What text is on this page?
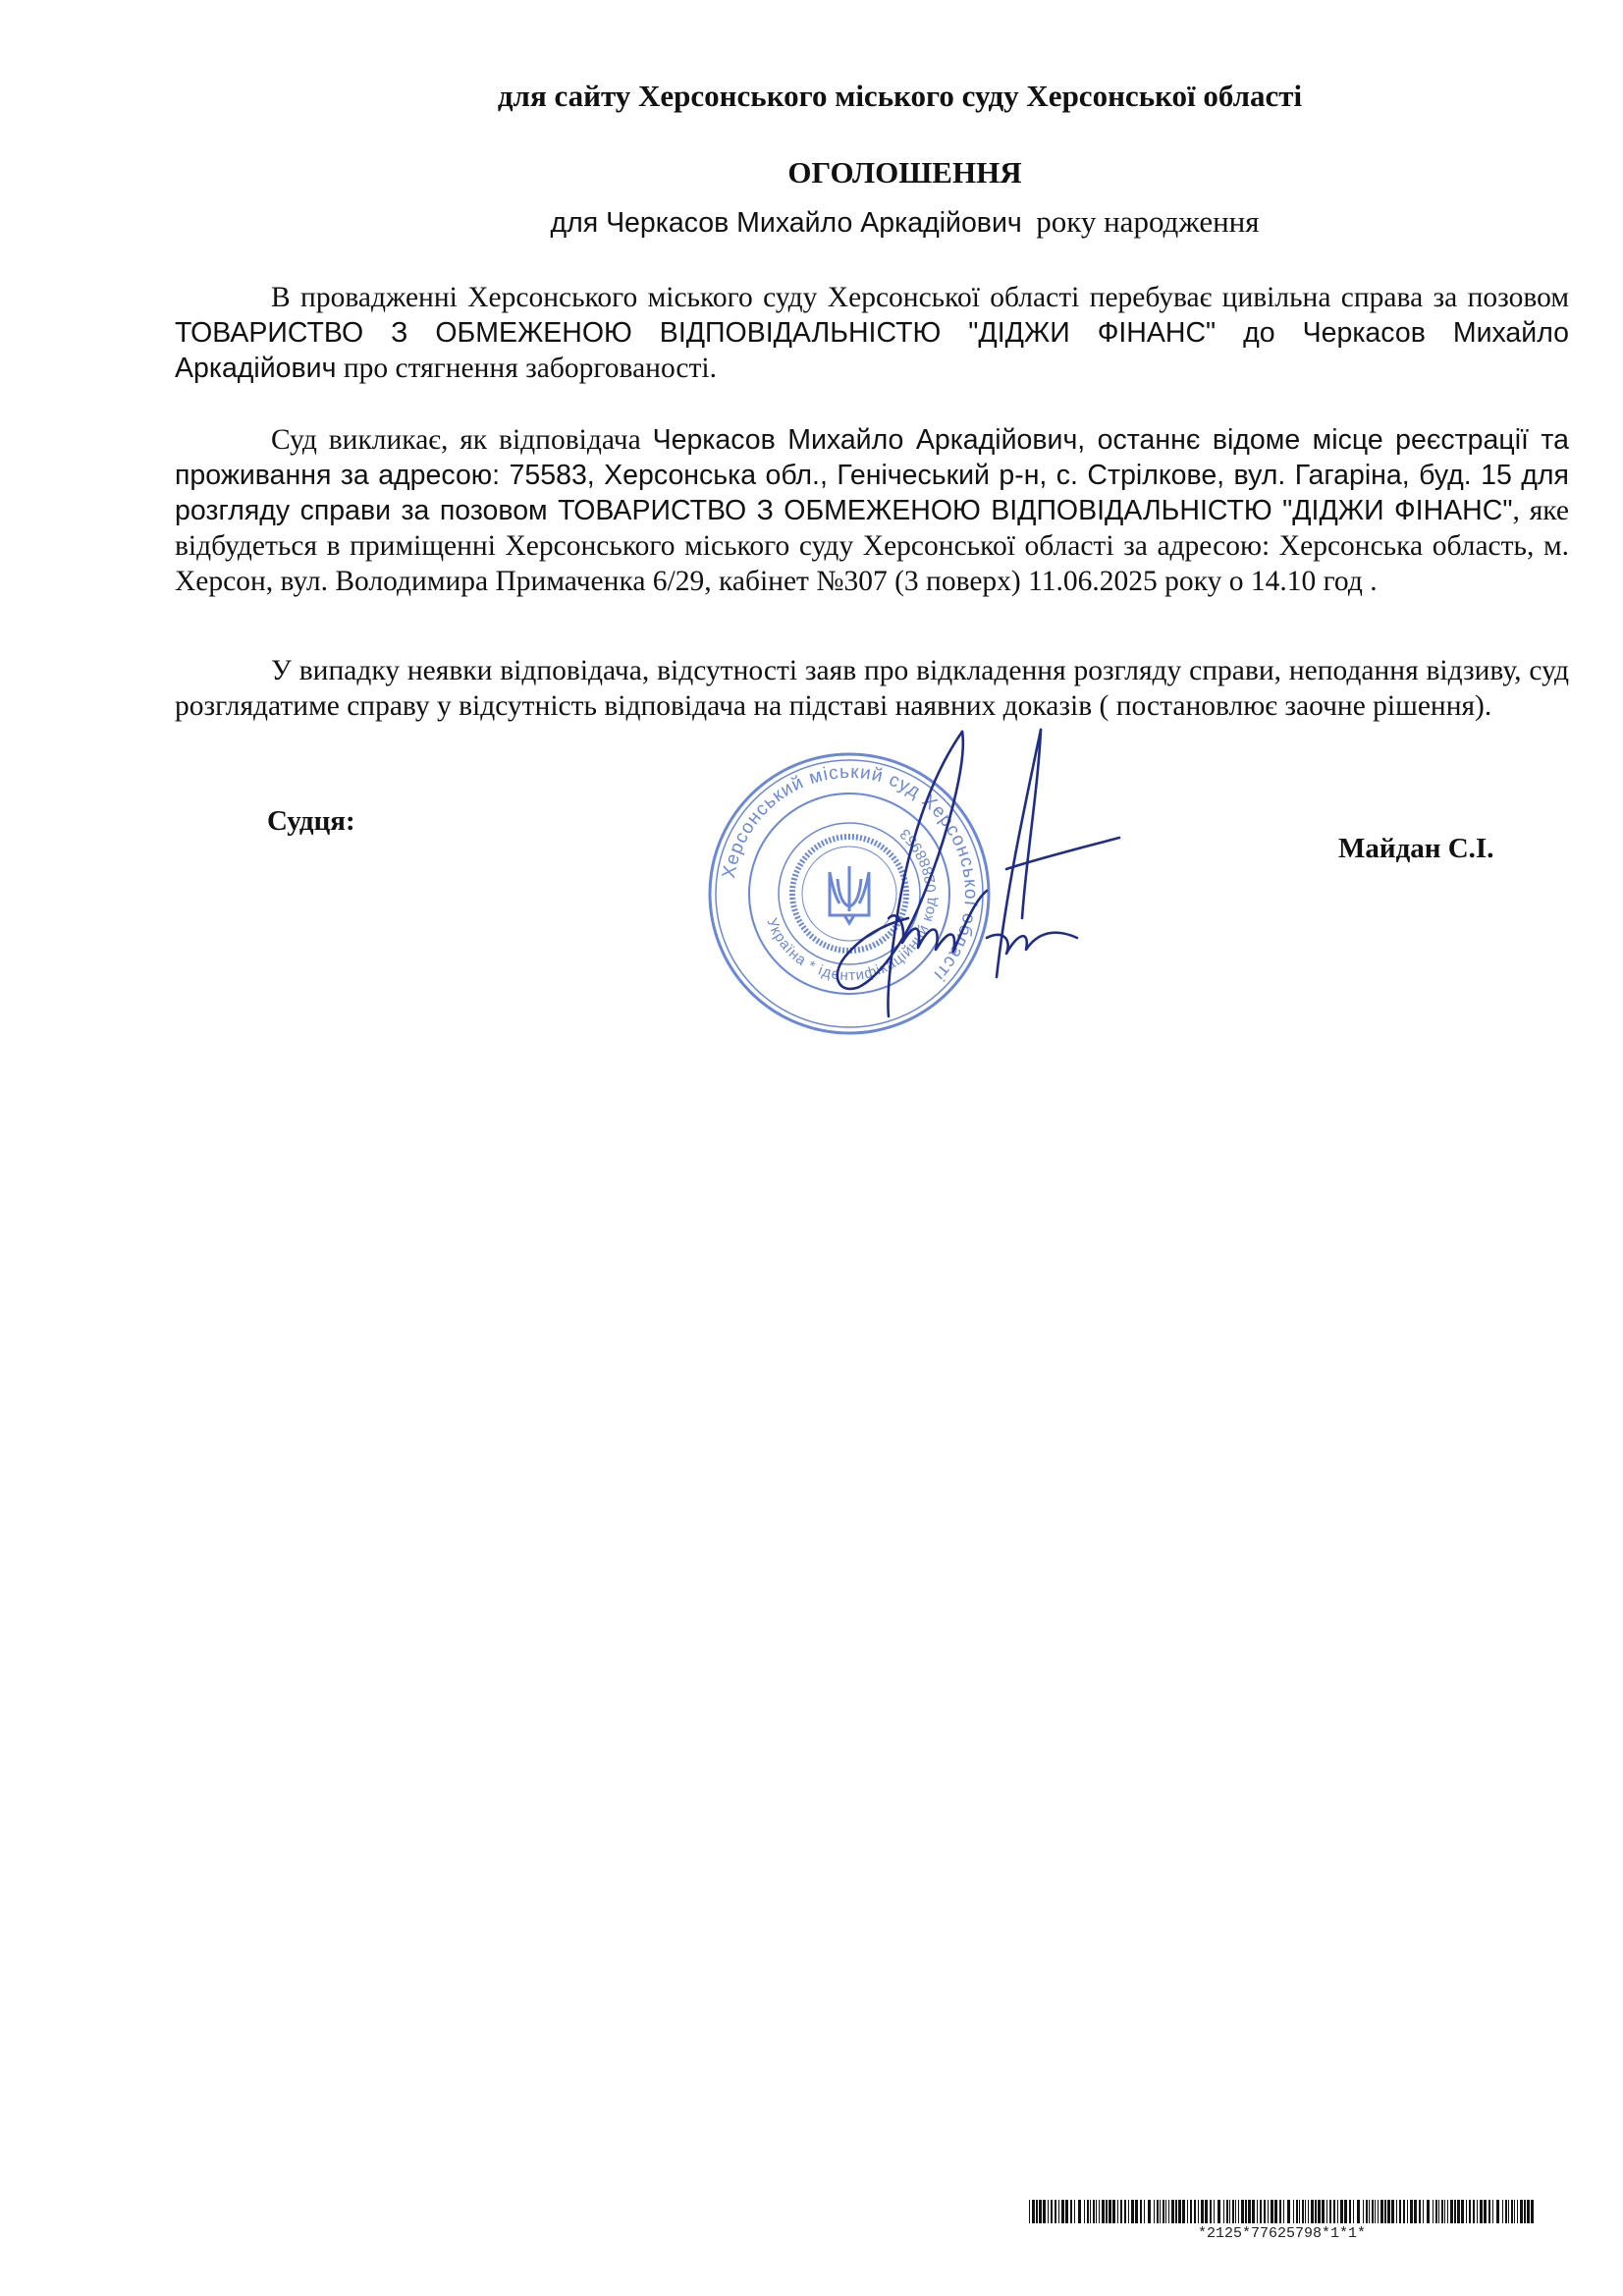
для сайту Херсонського міського суду Херсонської області
ОГОЛОШЕННЯ
для Черкасов Михайло Аркадійович року народження

В провадженні Херсонського міського суду Херсонської області перебуває цивільна справа за позовом ТОВАРИСТВО З ОБМЕЖЕНОЮ ВІДПОВІДАЛЬНІСТЮ "ДІДЖИ ФІНАНС" до Черкасов Михайло Аркадійович про стягнення заборгованості.

Суд викликає, як відповідача Черкасов Михайло Аркадійович, останнє відоме місце реєстрації та проживання за адресою: 75583, Херсонська обл., Генічеський р-н, с. Стрілкове, вул. Гагаріна, буд. 15 для розгляду справи за позовом ТОВАРИСТВО З ОБМЕЖЕНОЮ ВІДПОВІДАЛЬНІСТЮ "ДІДЖИ ФІНАНС", яке відбудеться в приміщенні Херсонського міського суду Херсонської області за адресою: Херсонська область, м. Херсон, вул. Володимира Примаченка 6/29, кабінет №307 (3 поверх) 11.06.2025 року о 14.10 год .

У випадку неявки відповідача, відсутності заяв про відкладення розгляду справи, неподання відзиву, суд розглядатиме справу у відсутність відповідача на підставі наявних доказів ( постановлює заочне рішення).

Судця:
Майдан С.І.
Херсонський міський суд Херсонської області
Україна * ідентифікаційний код 02888953
*2125*77625798*1*1*
